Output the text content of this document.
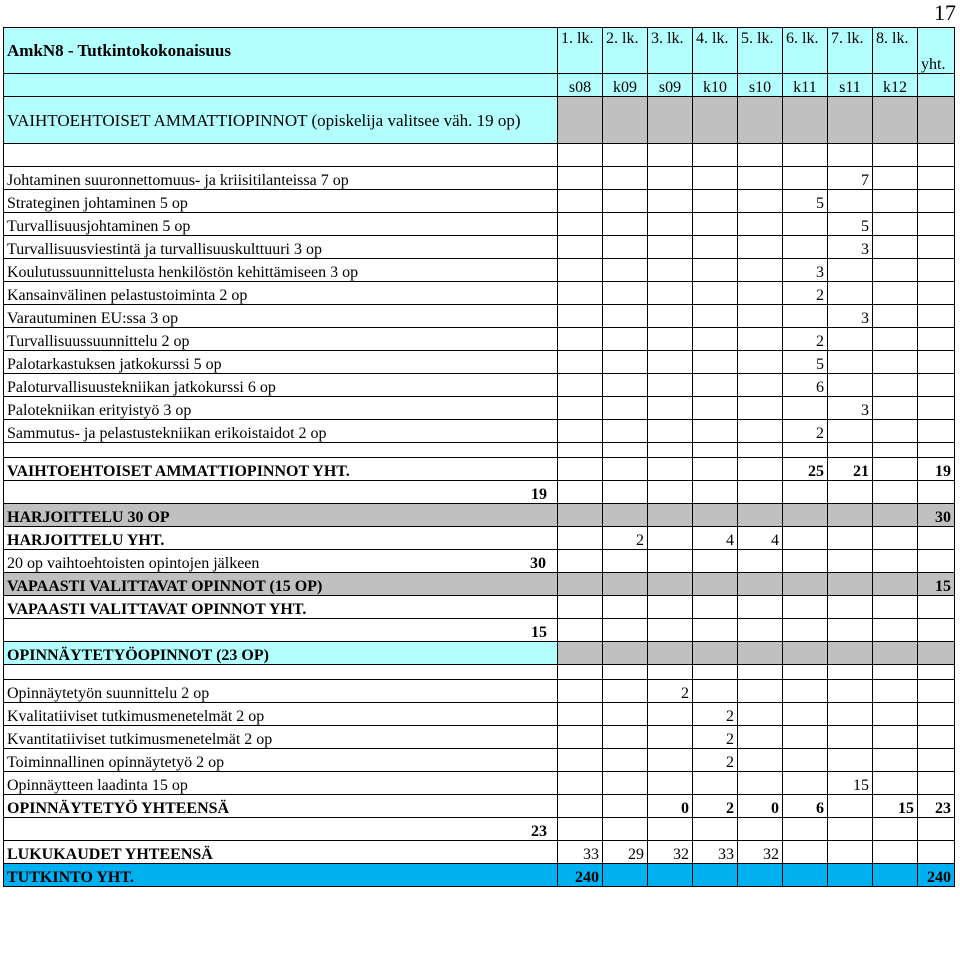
17
AmkN8 - Tutkintokokonaisuus	1. lk.	2. lk.	3. lk.	4. lk.	5. lk.	6. lk.	7. lk.	8. lk.	yht.
	s08	k09	s09	k10	s10	k11	s11	k12	
VAIHTOEHTOISET AMMATTIOPINNOT (opiskelija valitsee väh. 19 op)									

Johtaminen suuronnettomuus- ja kriisitilanteissa 7 op							7		
Strateginen johtaminen 5 op						5			
Turvallisuusjohtaminen 5 op							5		
Turvallisuusviestintä ja turvallisuuskulttuuri 3 op							3		
Koulutussuunnittelusta henkilöstön kehittämiseen 3 op						3			
Kansainvälinen pelastustoiminta 2 op						2			
Varautuminen EU:ssa 3 op							3		
Turvallisuussuunnittelu 2 op						2			
Palotarkastuksen jatkokurssi 5 op						5			
Paloturvallisuustekniikan jatkokurssi 6 op						6			
Palotekniikan erityistyö 3 op							3		
Sammutus- ja pelastustekniikan erikoistaidot 2 op						2			

VAIHTOEHTOISET AMMATTIOPINNOT YHT.						25	21		19
19									
HARJOITTELU 30 OP									30
HARJOITTELU YHT.		2		4	4				
20 op vaihtoehtoisten opintojen jälkeen 30									

VAPAASTI VALITTAVAT OPINNOT (15 OP)									15
VAPAASTI VALITTAVAT OPINNOT YHT.									
15									
OPINNÄYTETYÖOPINNOT (23 OP)									

Opinnäytetyön suunnittelu 2 op			2						
Kvalitatiiviset tutkimusmenetelmät 2 op				2					
Kvantitatiiviset tutkimusmenetelmät 2 op				2					
Toiminnallinen opinnäytetyö 2 op				2					
Opinnäytteen laadinta 15 op							15		
OPINNÄYTETYÖ YHTEENSÄ			0	2	0	6		15	23
23									
LUKUKAUDET YHTEENSÄ	33	29	32	33	32				
TUTKINTO YHT.	240								240
